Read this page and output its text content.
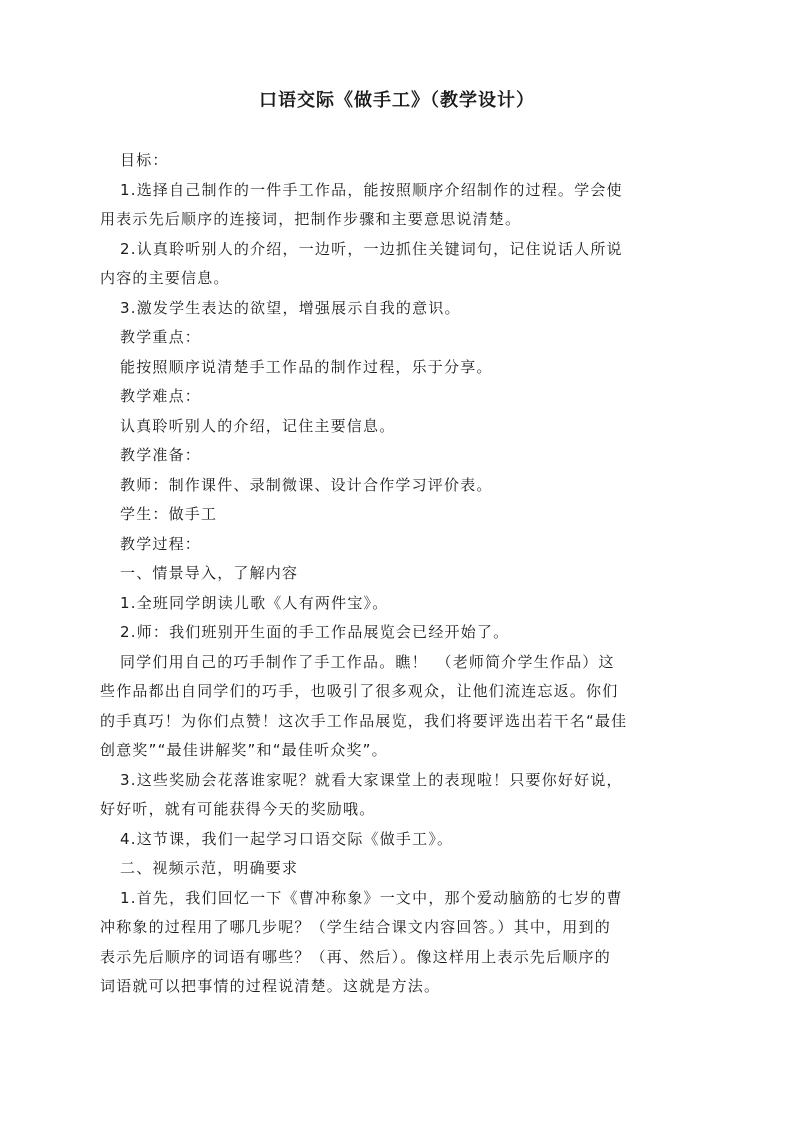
口语交际《做手工》（教学设计）
目标：
1.选择自己制作的一件手工作品，能按照顺序介绍制作的过程。学会使
用表示先后顺序的连接词，把制作步骤和主要意思说清楚。
2.认真聆听别人的介绍，一边听，一边抓住关键词句，记住说话人所说
内容的主要信息。
3.激发学生表达的欲望，增强展示自我的意识。
教学重点：
能按照顺序说清楚手工作品的制作过程，乐于分享。
教学难点：
认真聆听别人的介绍，记住主要信息。
教学准备：
教师：制作课件、录制微课、设计合作学习评价表。
学生：做手工
教学过程：
一、情景导入，了解内容
1.全班同学朗读儿歌《人有两件宝》。
2.师：我们班别开生面的手工作品展览会已经开始了。
同学们用自己的巧手制作了手工作品。瞧！　（老师简介学生作品）这
些作品都出自同学们的巧手，也吸引了很多观众，让他们流连忘返。你们
的手真巧！为你们点赞！这次手工作品展览，我们将要评选出若干名“最佳
创意奖”“最佳讲解奖”和“最佳听众奖”。
3.这些奖励会花落谁家呢？就看大家课堂上的表现啦！只要你好好说，
好好听，就有可能获得今天的奖励哦。
4.这节课，我们一起学习口语交际《做手工》。
二、视频示范，明确要求
1.首先，我们回忆一下《曹冲称象》一文中，那个爱动脑筋的七岁的曹
冲称象的过程用了哪几步呢？（学生结合课文内容回答。）其中，用到的
表示先后顺序的词语有哪些？（再、然后）。像这样用上表示先后顺序的
词语就可以把事情的过程说清楚。这就是方法。
